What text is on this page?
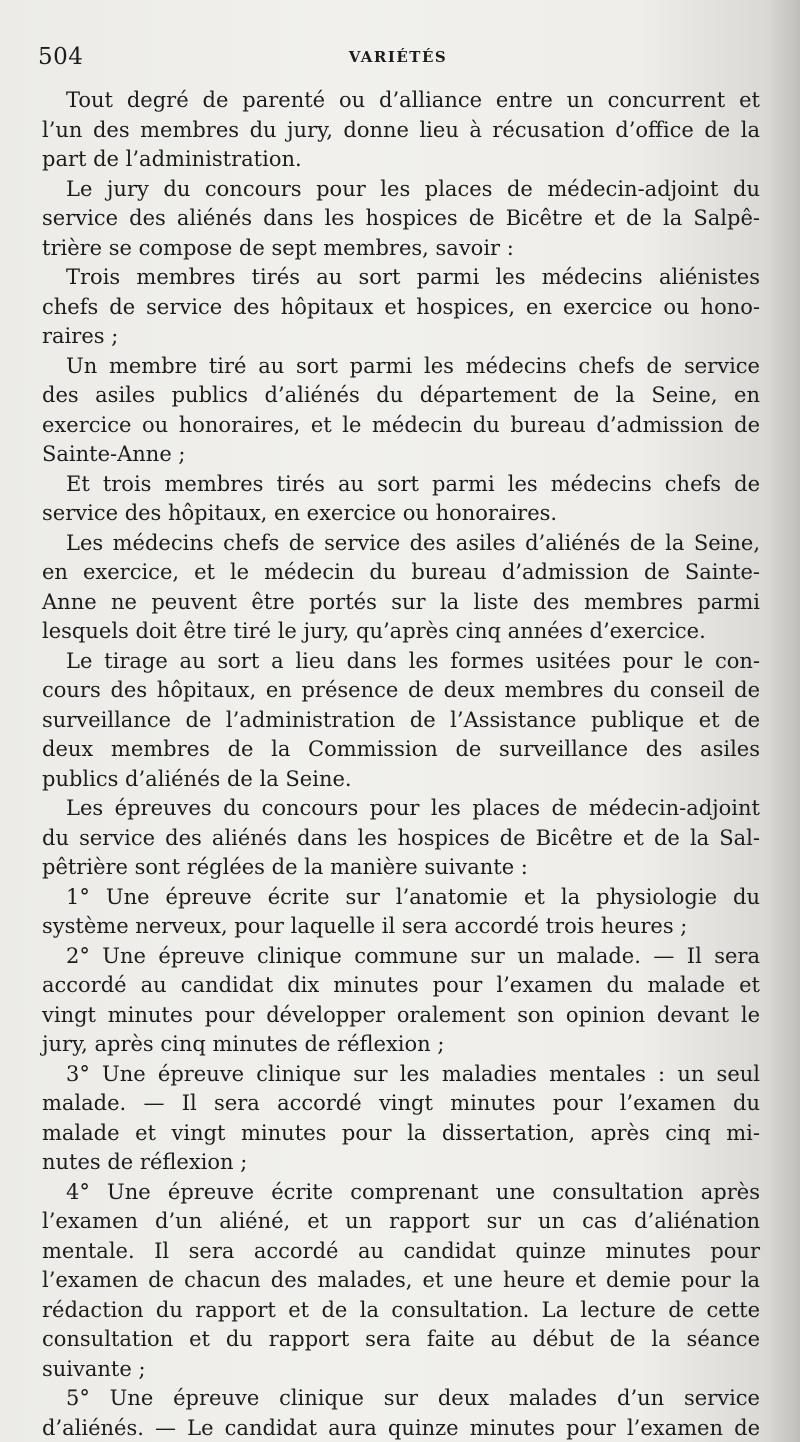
504	VARIÉTÉS
Tout degré de parenté ou d’alliance entre un concurrent et
l’un des membres du jury, donne lieu à récusation d’office de la
part de l’administration.
Le jury du concours pour les places de médecin-adjoint du
service des aliénés dans les hospices de Bicêtre et de la Salpê-
trière se compose de sept membres, savoir :
Trois membres tirés au sort parmi les médecins aliénistes
chefs de service des hôpitaux et hospices, en exercice ou hono-
raires ;
Un membre tiré au sort parmi les médecins chefs de service
des asiles publics d’aliénés du département de la Seine, en
exercice ou honoraires, et le médecin du bureau d’admission de
Sainte-Anne ;
Et trois membres tirés au sort parmi les médecins chefs de
service des hôpitaux, en exercice ou honoraires.
Les médecins chefs de service des asiles d’aliénés de la Seine,
en exercice, et le médecin du bureau d’admission de Sainte-
Anne ne peuvent être portés sur la liste des membres parmi
lesquels doit être tiré le jury, qu’après cinq années d’exercice.
Le tirage au sort a lieu dans les formes usitées pour le con-
cours des hôpitaux, en présence de deux membres du conseil de
surveillance de l’administration de l’Assistance publique et de
deux membres de la Commission de surveillance des asiles
publics d’aliénés de la Seine.
Les épreuves du concours pour les places de médecin-adjoint
du service des aliénés dans les hospices de Bicêtre et de la Sal-
pêtrière sont réglées de la manière suivante :
1° Une épreuve écrite sur l’anatomie et la physiologie du
système nerveux, pour laquelle il sera accordé trois heures ;
2° Une épreuve clinique commune sur un malade. — Il sera
accordé au candidat dix minutes pour l’examen du malade et
vingt minutes pour développer oralement son opinion devant le
jury, après cinq minutes de réflexion ;
3° Une épreuve clinique sur les maladies mentales : un seul
malade. — Il sera accordé vingt minutes pour l’examen du
malade et vingt minutes pour la dissertation, après cinq mi-
nutes de réflexion ;
4° Une épreuve écrite comprenant une consultation après
l’examen d’un aliéné, et un rapport sur un cas d’aliénation
mentale. Il sera accordé au candidat quinze minutes pour
l’examen de chacun des malades, et une heure et demie pour la
rédaction du rapport et de la consultation. La lecture de cette
consultation et du rapport sera faite au début de la séance
suivante ;
5° Une épreuve clinique sur deux malades d’un service
d’aliénés. — Le candidat aura quinze minutes pour l’examen de
